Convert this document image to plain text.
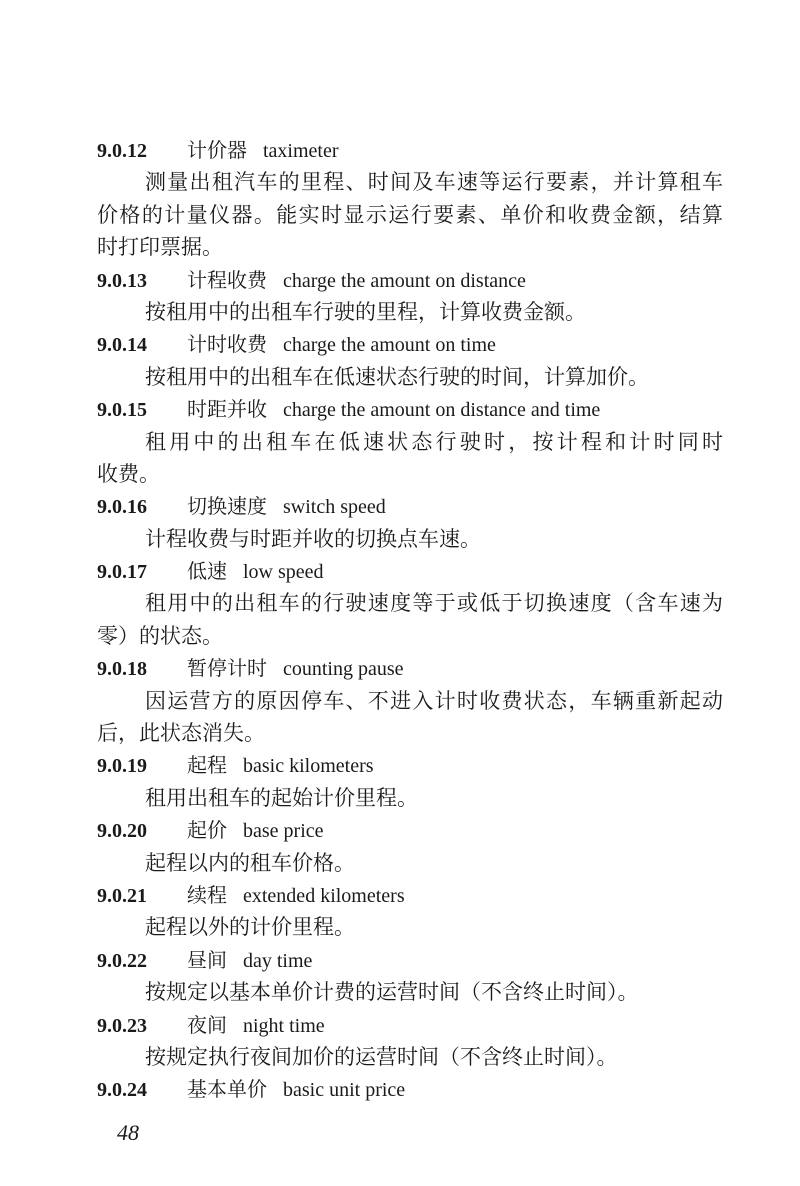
9.0.12 计价器 taximeter
测量出租汽车的里程、时间及车速等运行要素，并计算租车
价格的计量仪器。能实时显示运行要素、单价和收费金额，结算
时打印票据。
9.0.13 计程收费 charge the amount on distance
按租用中的出租车行驶的里程，计算收费金额。
9.0.14 计时收费 charge the amount on time
按租用中的出租车在低速状态行驶的时间，计算加价。
9.0.15 时距并收 charge the amount on distance and time
租用中的出租车在低速状态行驶时，按计程和计时同时
收费。
9.0.16 切换速度 switch speed
计程收费与时距并收的切换点车速。
9.0.17 低速 low speed
租用中的出租车的行驶速度等于或低于切换速度（含车速为
零）的状态。
9.0.18 暂停计时 counting pause
因运营方的原因停车、不进入计时收费状态，车辆重新起动
后，此状态消失。
9.0.19 起程 basic kilometers
租用出租车的起始计价里程。
9.0.20 起价 base price
起程以内的租车价格。
9.0.21 续程 extended kilometers
起程以外的计价里程。
9.0.22 昼间 day time
按规定以基本单价计费的运营时间（不含终止时间）。
9.0.23 夜间 night time
按规定执行夜间加价的运营时间（不含终止时间）。
9.0.24 基本单价 basic unit price
48
